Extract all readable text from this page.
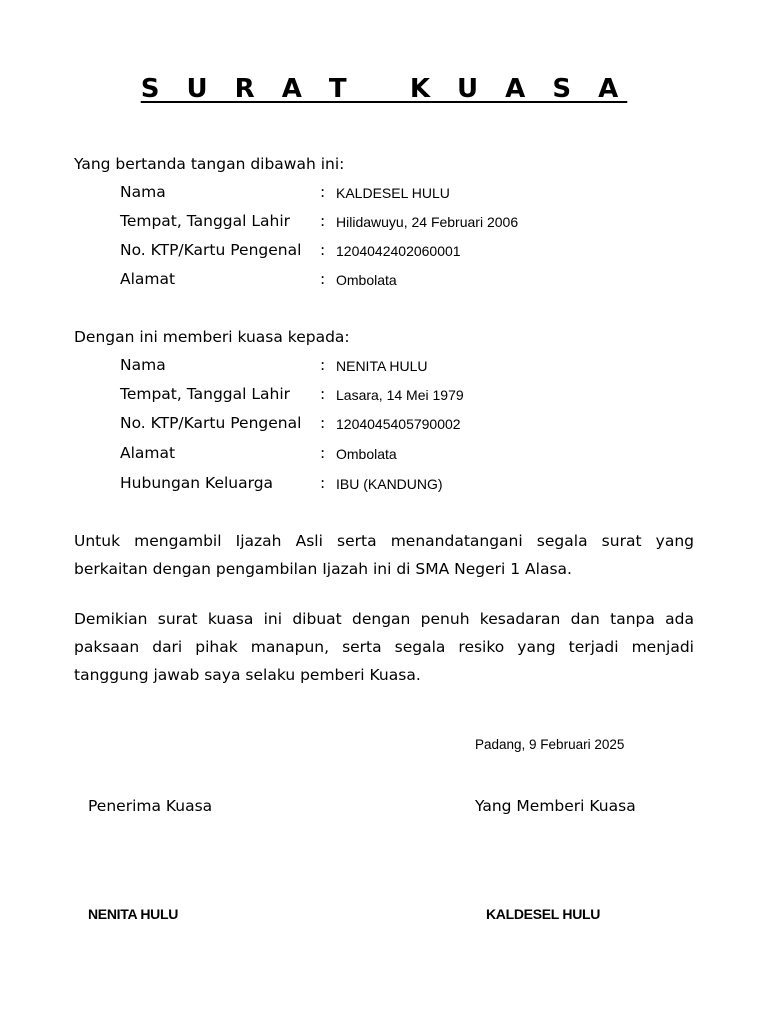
S U R A T   K U A S A
Yang bertanda tangan dibawah ini:
Nama	: KALDESEL HULU
Tempat, Tanggal Lahir : Hilidawuyu, 24 Februari 2006
No. KTP/Kartu Pengenal : 1204042402060001
Alamat	: Ombolata
Dengan ini memberi kuasa kepada:
Nama	: NENITA HULU
Tempat, Tanggal Lahir : Lasara, 14 Mei 1979
No. KTP/Kartu Pengenal : 1204045405790002
Alamat	: Ombolata
Hubungan Keluarga	: IBU (KANDUNG)
Untuk mengambil Ijazah Asli serta menandatangani segala surat yang berkaitan dengan pengambilan Ijazah ini di SMA Negeri 1 Alasa.
Demikian surat kuasa ini dibuat dengan penuh kesadaran dan tanpa ada paksaan dari pihak manapun, serta segala resiko yang terjadi menjadi tanggung jawab saya selaku pemberi Kuasa.
Padang, 9 Februari 2025
Penerima Kuasa	Yang Memberi Kuasa
NENITA HULU	KALDESEL HULU
